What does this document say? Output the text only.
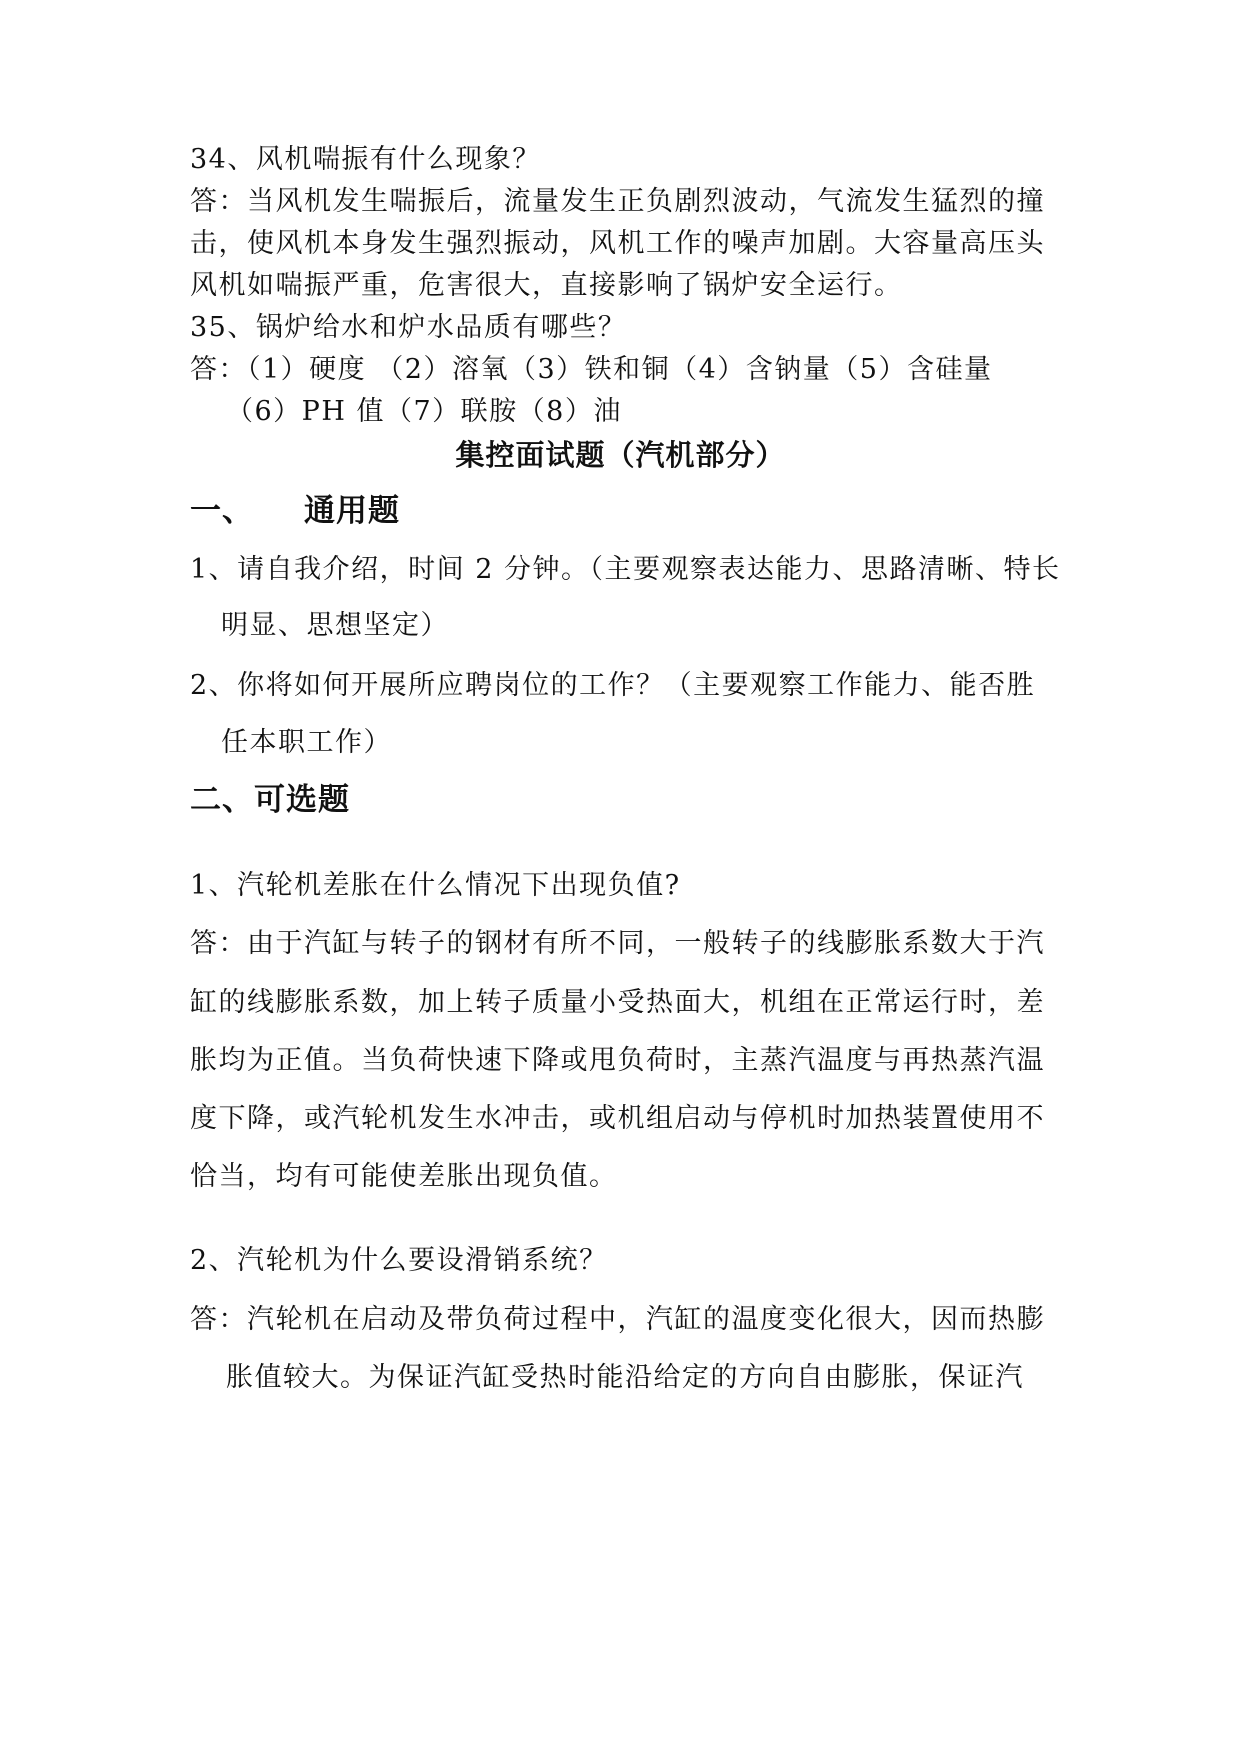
34、风机喘振有什么现象？
答：当风机发生喘振后，流量发生正负剧烈波动，气流发生猛烈的撞
击，使风机本身发生强烈振动，风机工作的噪声加剧。大容量高压头
风机如喘振严重，危害很大，直接影响了锅炉安全运行。
35、锅炉给水和炉水品质有哪些？
答：（1）硬度 （2）溶氧（3）铁和铜（4）含钠量（5）含硅量
（6）PH 值（7）联胺（8）油
集控面试题（汽机部分）
一、 通用题
1、请自我介绍，时间 2 分钟。（主要观察表达能力、思路清晰、特长
明显、思想坚定）
2、你将如何开展所应聘岗位的工作？（主要观察工作能力、能否胜
任本职工作）
二、可选题
1、汽轮机差胀在什么情况下出现负值?
答：由于汽缸与转子的钢材有所不同，一般转子的线膨胀系数大于汽
缸的线膨胀系数，加上转子质量小受热面大，机组在正常运行时，差
胀均为正值。当负荷快速下降或甩负荷时，主蒸汽温度与再热蒸汽温
度下降，或汽轮机发生水冲击，或机组启动与停机时加热装置使用不
恰当，均有可能使差胀出现负值。
2、汽轮机为什么要设滑销系统？
答：汽轮机在启动及带负荷过程中，汽缸的温度变化很大，因而热膨
胀值较大。为保证汽缸受热时能沿给定的方向自由膨胀，保证汽
